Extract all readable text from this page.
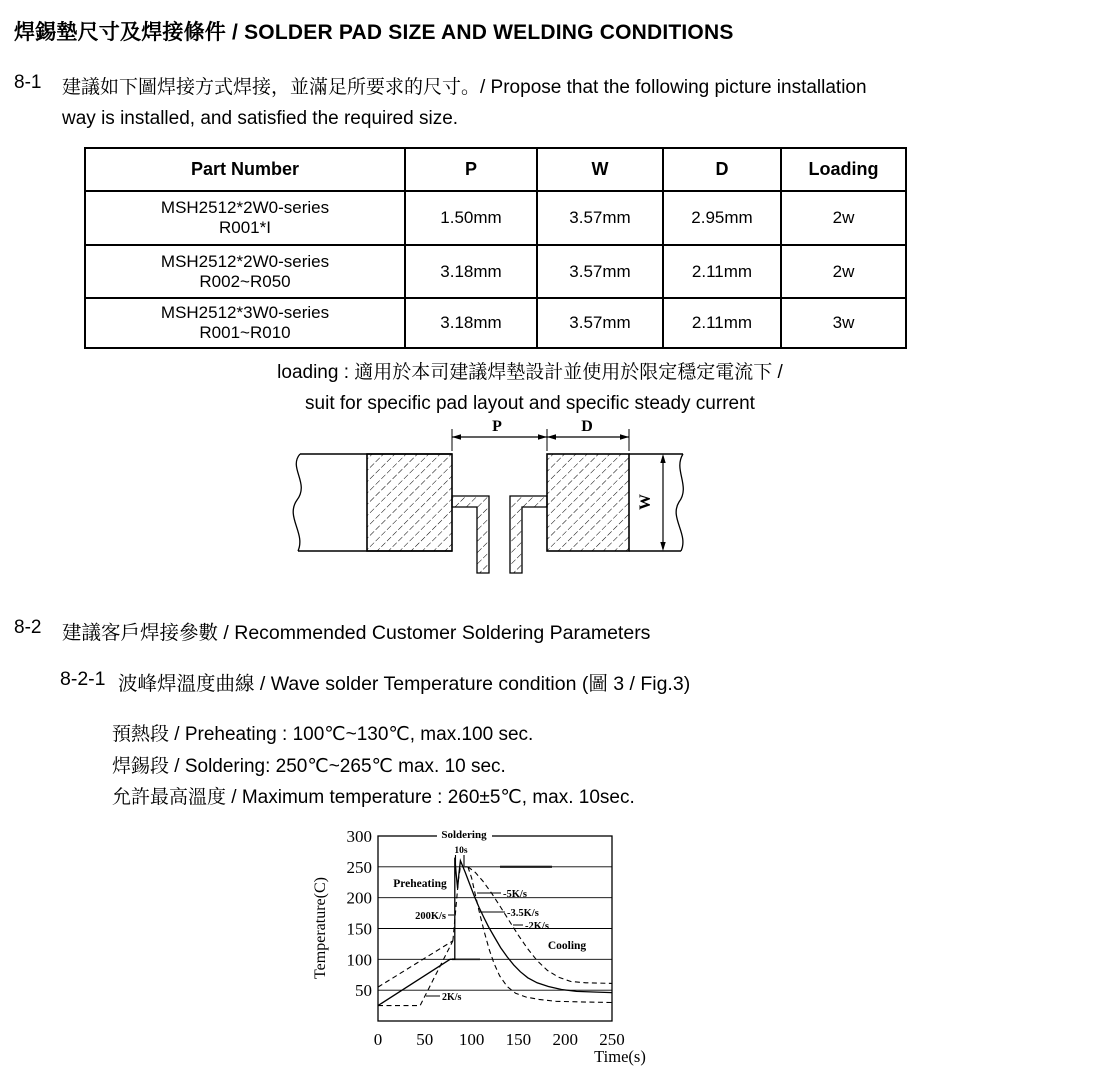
焊錫墊尺寸及焊接條件 / SOLDER PAD SIZE AND WELDING CONDITIONS
8-1	建議如下圖焊接方式焊接，並滿足所要求的尺寸。/ Propose that the following picture installation
way is installed, and satisfied the required size.
Part Number	P	W	D	Loading

MSH2512*2W0-series
R001*I	1.50mm	3.57mm	2.95mm	2w

MSH2512*2W0-series
R002~R050	3.18mm	3.57mm	2.11mm	2w

MSH2512*3W0-series
R001~R010	3.18mm	3.57mm	2.11mm	3w
loading : 適用於本司建議焊墊設計並使用於限定穩定電流下 /
suit for specific pad layout and specific steady current
P	D
W
8-2	建議客戶焊接參數 / Recommended Customer Soldering Parameters
8-2-1 波峰焊溫度曲線 / Wave solder Temperature condition (圖 3 / Fig.3)
預熱段 / Preheating : 100℃~130℃, max.100 sec.
焊錫段 / Soldering: 250℃~265℃ max. 10 sec.
允許最高溫度 / Maximum temperature : 260±5℃, max. 10sec.
Soldering
10s
Preheating
200K/s
-5K/s
-3.5K/s
-2K/s
Cooling
2K/s
50
100
150
200
250
300
0 50 100 150 200 250
Temperature(C)
Time(s)
